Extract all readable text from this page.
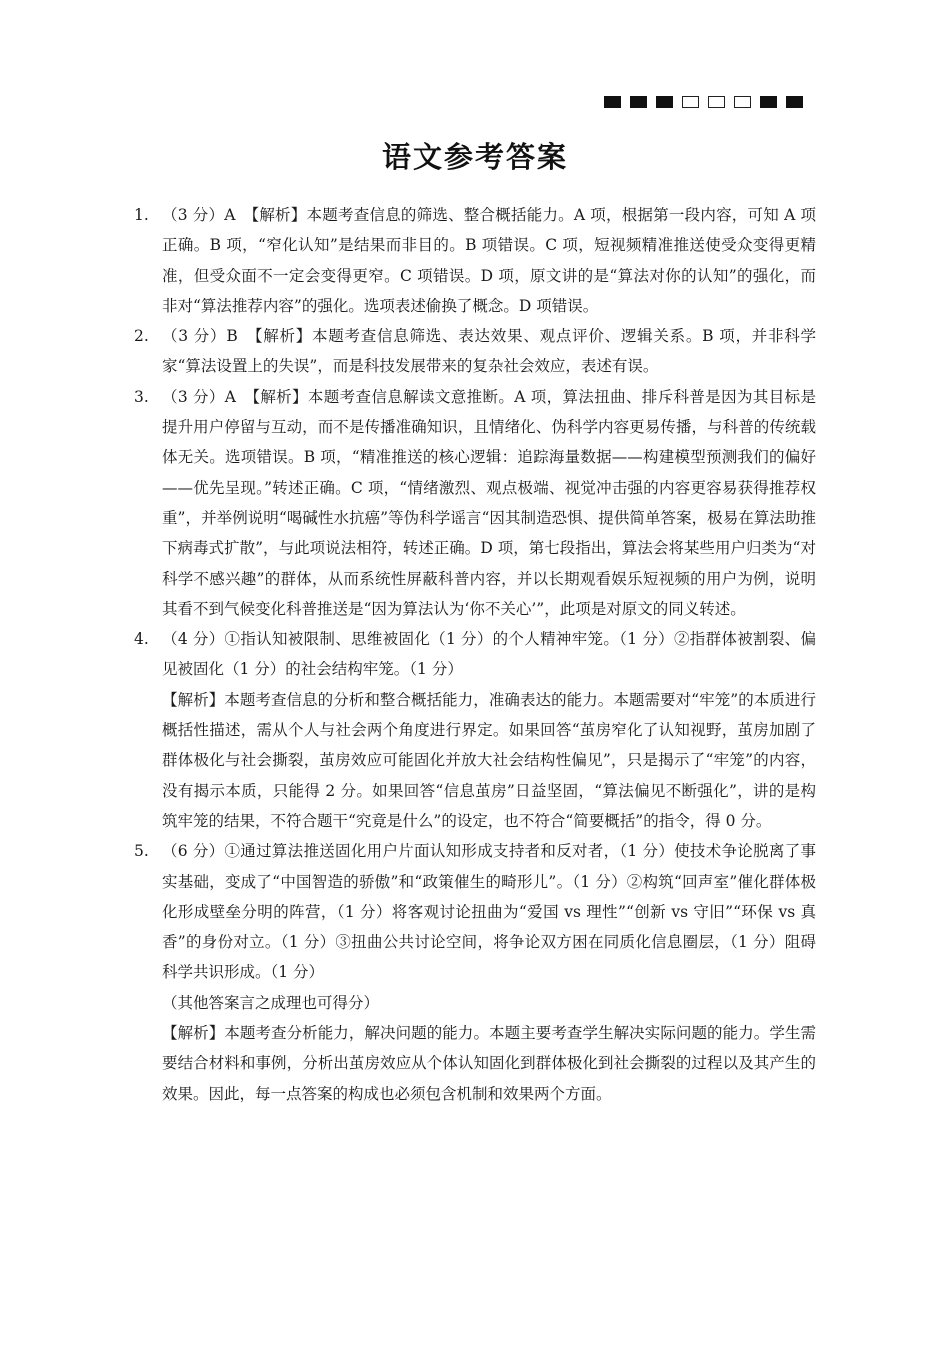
语文参考答案
1. （3 分）A　【解析】本题考查信息的筛选、整合概括能力。A 项，根据第一段内容，可知 A 项正确。B 项，“窄化认知”是结果而非目的。B 项错误。C 项，短视频精准推送使受众变得更精准，但受众面不一定会变得更窄。C 项错误。D 项，原文讲的是“算法对你的认知”的强化，而非对“算法推荐内容”的强化。选项表述偷换了概念。D 项错误。

2. （3 分）B　【解析】本题考查信息筛选、表达效果、观点评价、逻辑关系。B 项，并非科学家“算法设置上的失误”，而是科技发展带来的复杂社会效应，表述有误。

3. （3 分）A　【解析】本题考查信息解读文意推断。A 项，算法扭曲、排斥科普是因为其目标是提升用户停留与互动，而不是传播准确知识，且情绪化、伪科学内容更易传播，与科普的传统载体无关。选项错误。B 项，“精准推送的核心逻辑：追踪海量数据——构建模型预测我们的偏好——优先呈现。”转述正确。C 项，“情绪激烈、观点极端、视觉冲击强的内容更容易获得推荐权重”，并举例说明“喝碱性水抗癌”等伪科学谣言“因其制造恐惧、提供简单答案，极易在算法助推下病毒式扩散”，与此项说法相符，转述正确。D 项，第七段指出，算法会将某些用户归类为“对科学不感兴趣”的群体，从而系统性屏蔽科普内容，并以长期观看娱乐短视频的用户为例，说明其看不到气候变化科普推送是“因为算法认为‘你不关心’”，此项是对原文的同义转述。

4. （4 分）①指认知被限制、思维被固化（1 分）的个人精神牢笼。（1 分）②指群体被割裂、偏见被固化（1 分）的社会结构牢笼。（1 分）

【解析】本题考查信息的分析和整合概括能力，准确表达的能力。本题需要对“牢笼”的本质进行概括性描述，需从个人与社会两个角度进行界定。如果回答“茧房窄化了认知视野，茧房加剧了群体极化与社会撕裂，茧房效应可能固化并放大社会结构性偏见”，只是揭示了“牢笼”的内容，没有揭示本质，只能得 2 分。如果回答“信息茧房”日益坚固，“算法偏见不断强化”，讲的是构筑牢笼的结果，不符合题干“究竟是什么”的设定，也不符合“简要概括”的指令，得 0 分。

5. （6 分）①通过算法推送固化用户片面认知形成支持者和反对者，（1 分）使技术争论脱离了事实基础，变成了“中国智造的骄傲”和“政策催生的畸形儿”。（1 分）②构筑“回声室”催化群体极化形成壁垒分明的阵营，（1 分）将客观讨论扭曲为“爱国 vs 理性”“创新 vs 守旧”“环保 vs 真香”的身份对立。（1 分）③扭曲公共讨论空间，将争论双方困在同质化信息圈层，（1 分）阻碍科学共识形成。（1 分）

（其他答案言之成理也可得分）

【解析】本题考查分析能力，解决问题的能力。本题主要考查学生解决实际问题的能力。学生需要结合材料和事例，分析出茧房效应从个体认知固化到群体极化到社会撕裂的过程以及其产生的效果。因此，每一点答案的构成也必须包含机制和效果两个方面。
